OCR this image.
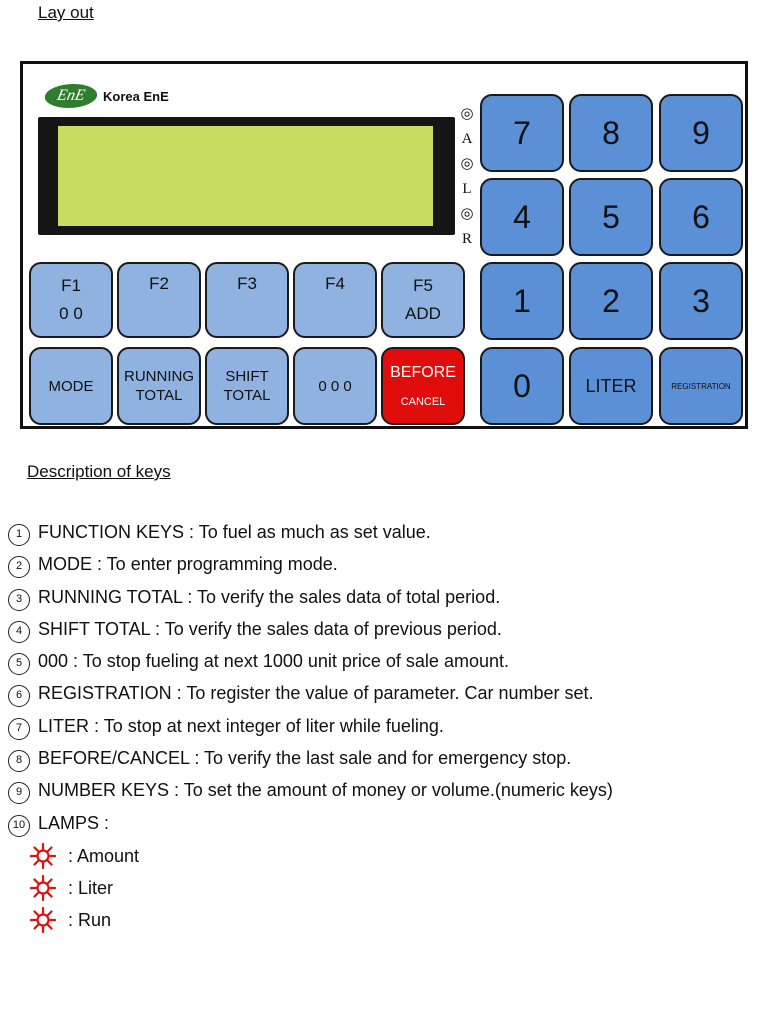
Lay out
EnE	Korea EnE
◎
A
◎
L
◎
R
F1
0 0
F2	F3	F4	F5
ADD
MODE
RUNNING
TOTAL
SHIFT
TOTAL
0 0 0
BEFORE
CANCEL
7 8 9
4 5 6
1 2 3
0	LITER	REGISTRATION
Description of keys
1 FUNCTION KEYS : To fuel as much as set value.
2 MODE : To enter programming mode.
3 RUNNING TOTAL : To verify the sales data of total period.
4 SHIFT TOTAL : To verify the sales data of previous period.
5 000 : To stop fueling at next 1000 unit price of sale amount.
6 REGISTRATION : To register the value of parameter. Car number set.
7 LITER : To stop at next integer of liter while fueling.
8 BEFORE/CANCEL : To verify the last sale and for emergency stop.
9 NUMBER KEYS : To set the amount of money or volume.(numeric keys)
10 LAMPS :
: Amount
: Liter
: Run
